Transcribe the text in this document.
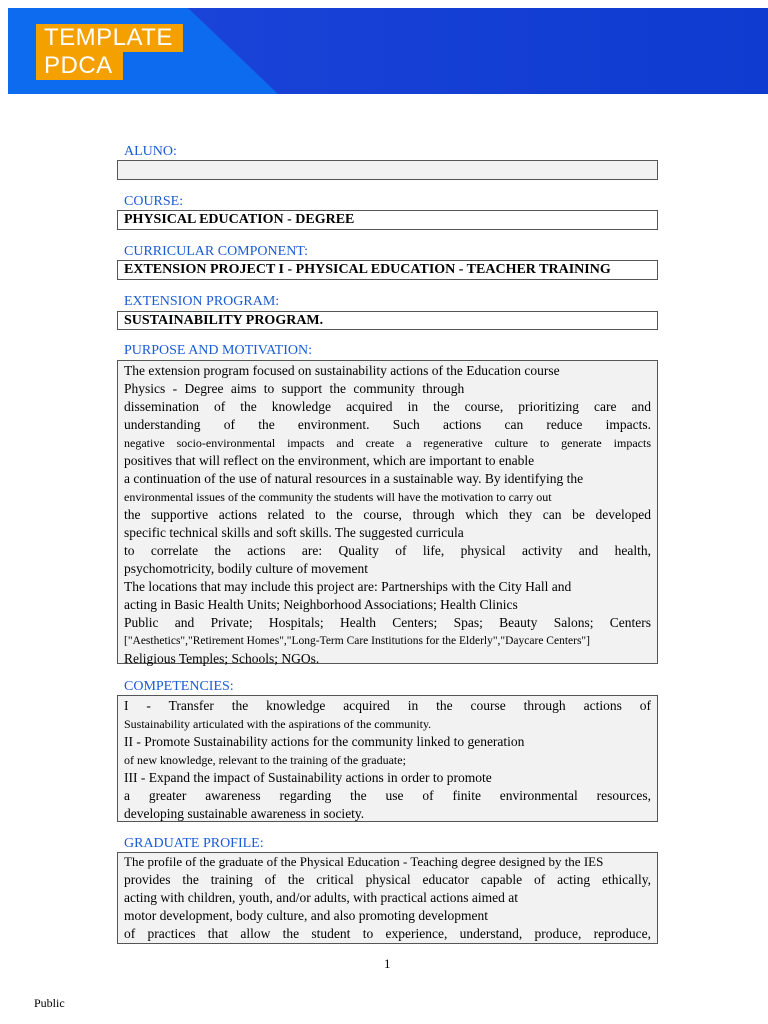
TEMPLATE
PDCA
ALUNO:
COURSE:
PHYSICAL EDUCATION - DEGREE
CURRICULAR COMPONENT:
EXTENSION PROJECT I - PHYSICAL EDUCATION - TEACHER TRAINING
EXTENSION PROGRAM:
SUSTAINABILITY PROGRAM.
PURPOSE AND MOTIVATION:
The extension program focused on sustainability actions of the Education course
Physics - Degree aims to support the community through
dissemination of the knowledge acquired in the course, prioritizing care and
understanding of the environment. Such actions can reduce impacts.
negative socio-environmental impacts and create a regenerative culture to generate impacts
positives that will reflect on the environment, which are important to enable
a continuation of the use of natural resources in a sustainable way. By identifying the
environmental issues of the community the students will have the motivation to carry out
the supportive actions related to the course, through which they can be developed
specific technical skills and soft skills. The suggested curricula
to correlate the actions are: Quality of life, physical activity and health,
psychomotricity, bodily culture of movement
The locations that may include this project are: Partnerships with the City Hall and
acting in Basic Health Units; Neighborhood Associations; Health Clinics
Public and Private; Hospitals; Health Centers; Spas; Beauty Salons; Centers
["Aesthetics","Retirement Homes","Long-Term Care Institutions for the Elderly","Daycare Centers"]
Religious Temples; Schools; NGOs.
COMPETENCIES:
I - Transfer the knowledge acquired in the course through actions of
Sustainability articulated with the aspirations of the community.
II - Promote Sustainability actions for the community linked to generation
of new knowledge, relevant to the training of the graduate;
III - Expand the impact of Sustainability actions in order to promote
a greater awareness regarding the use of finite environmental resources,
developing sustainable awareness in society.
GRADUATE PROFILE:
The profile of the graduate of the Physical Education - Teaching degree designed by the IES
provides the training of the critical physical educator capable of acting ethically,
acting with children, youth, and/or adults, with practical actions aimed at
motor development, body culture, and also promoting development
of practices that allow the student to experience, understand, produce, reproduce,
1
Public
